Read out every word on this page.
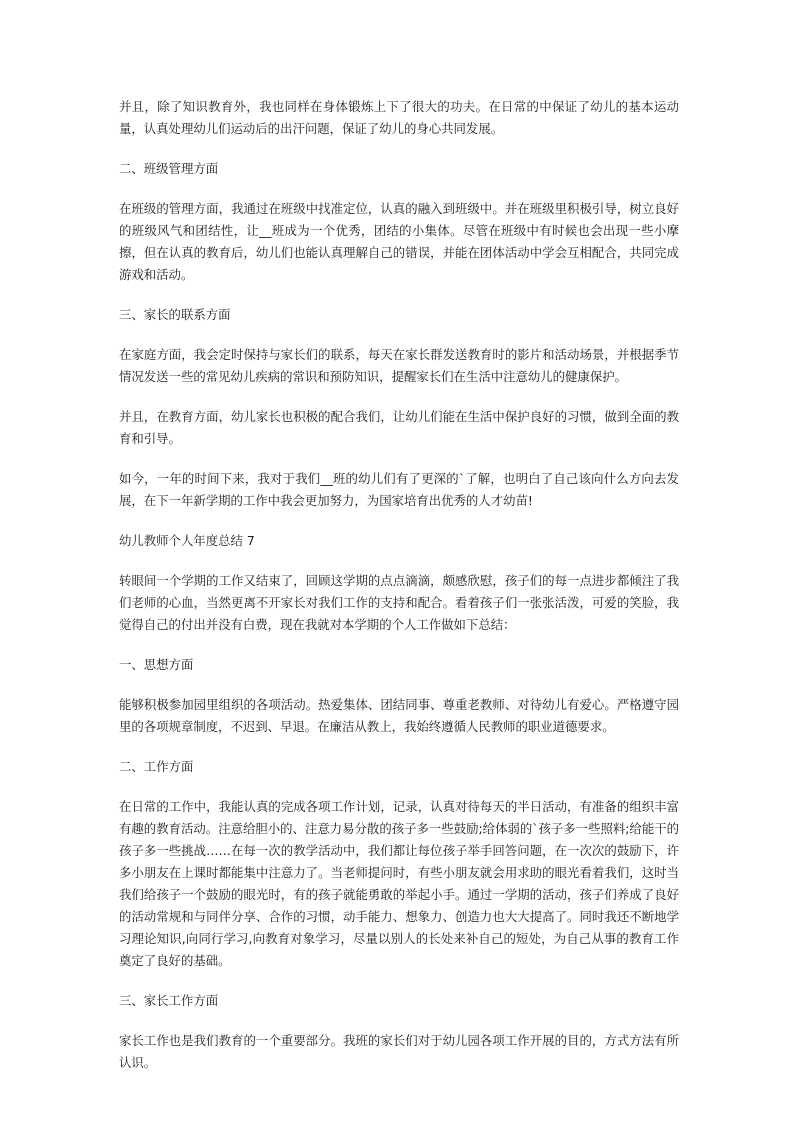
并且，除了知识教育外，我也同样在身体锻炼上下了很大的功夫。在日常的中保证了幼儿的基本运动量，认真处理幼儿们运动后的出汗问题，保证了幼儿的身心共同发展。

二、班级管理方面

在班级的管理方面，我通过在班级中找准定位，认真的融入到班级中。并在班级里积极引导，树立良好的班级风气和团结性，让__班成为一个优秀，团结的小集体。尽管在班级中有时候也会出现一些小摩擦，但在认真的教育后，幼儿们也能认真理解自己的错误，并能在团体活动中学会互相配合，共同完成游戏和活动。

三、家长的联系方面

在家庭方面，我会定时保持与家长们的联系，每天在家长群发送教育时的影片和活动场景，并根据季节情况发送一些的常见幼儿疾病的常识和预防知识，提醒家长们在生活中注意幼儿的健康保护。

并且，在教育方面，幼儿家长也积极的配合我们，让幼儿们能在生活中保护良好的习惯，做到全面的教育和引导。

如今，一年的时间下来，我对于我们__班的幼儿们有了更深的`了解，也明白了自己该向什么方向去发展，在下一年新学期的工作中我会更加努力，为国家培育出优秀的人才幼苗!

幼儿教师个人年度总结 7

转眼间一个学期的工作又结束了，回顾这学期的点点滴滴，颇感欣慰，孩子们的每一点进步都倾注了我们老师的心血，当然更离不开家长对我们工作的支持和配合。看着孩子们一张张活泼，可爱的笑脸，我觉得自己的付出并没有白费，现在我就对本学期的个人工作做如下总结：

一、思想方面

能够积极参加园里组织的各项活动。热爱集体、团结同事、尊重老教师、对待幼儿有爱心。严格遵守园里的各项规章制度，不迟到、早退。在廉洁从教上，我始终遵循人民教师的职业道德要求。

二、工作方面

在日常的工作中，我能认真的完成各项工作计划，记录，认真对待每天的半日活动，有准备的组织丰富有趣的教育活动。注意给胆小的、注意力易分散的孩子多一些鼓励;给体弱的`孩子多一些照料;给能干的孩子多一些挑战……在每一次的教学活动中，我们都让每位孩子举手回答问题，在一次次的鼓励下，许多小朋友在上课时都能集中注意力了。当老师提问时，有些小朋友就会用求助的眼光看着我们，这时当我们给孩子一个鼓励的眼光时，有的孩子就能勇敢的举起小手。通过一学期的活动，孩子们养成了良好的活动常规和与同伴分享、合作的习惯，动手能力、想象力、创造力也大大提高了。同时我还不断地学习理论知识,向同行学习,向教育对象学习，尽量以别人的长处来补自己的短处，为自己从事的教育工作奠定了良好的基础。

三、家长工作方面

家长工作也是我们教育的一个重要部分。我班的家长们对于幼儿园各项工作开展的目的，方式方法有所认识。
